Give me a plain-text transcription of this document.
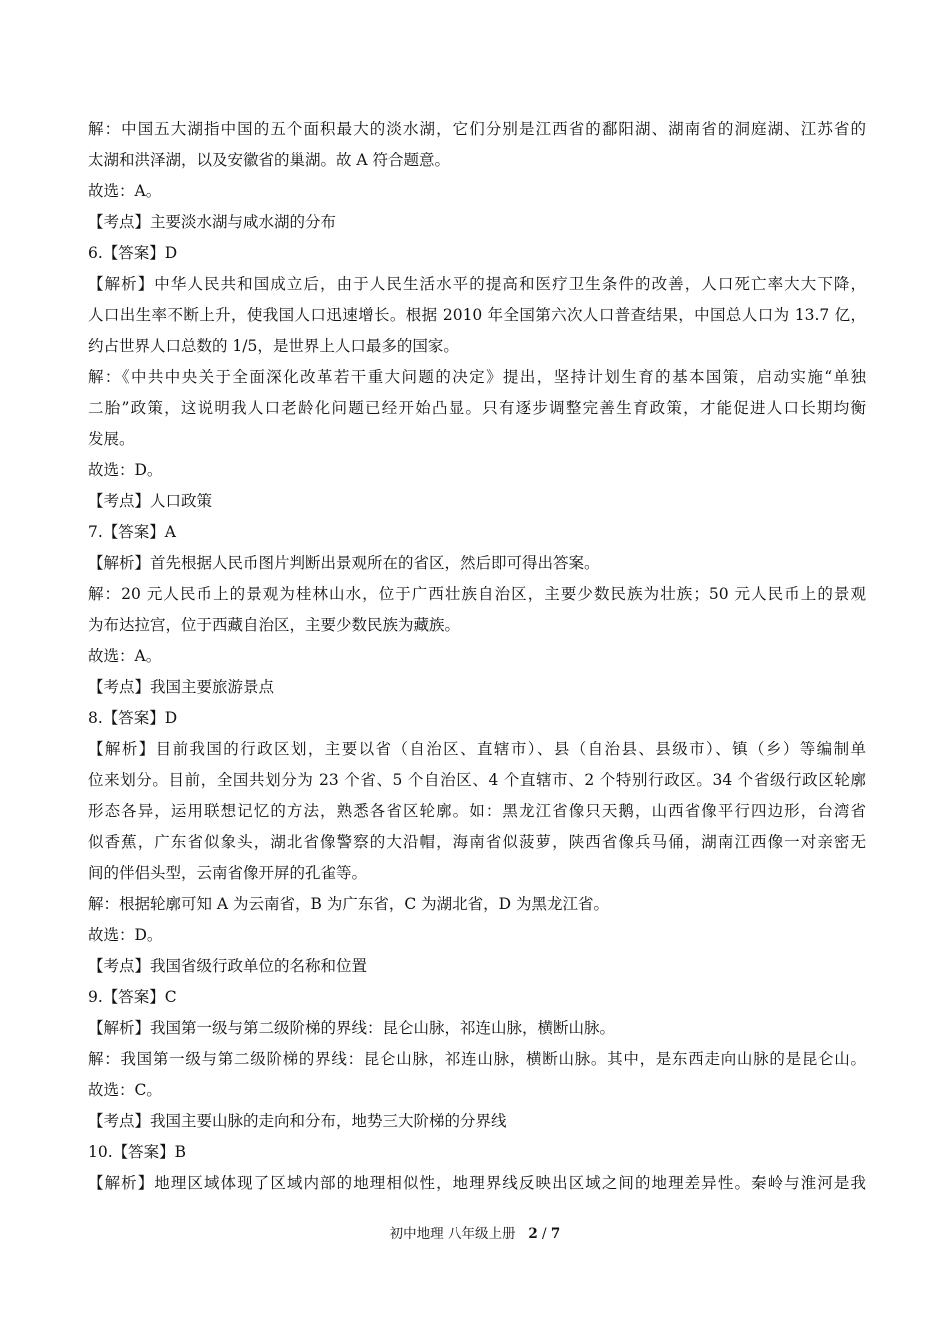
解：中国五大湖指中国的五个面积最大的淡水湖，它们分别是江西省的鄱阳湖、湖南省的洞庭湖、江苏省的
太湖和洪泽湖，以及安徽省的巢湖。故 A 符合题意。
故选：A。
【考点】主要淡水湖与咸水湖的分布
6.【答案】D
【解析】中华人民共和国成立后，由于人民生活水平的提高和医疗卫生条件的改善，人口死亡率大大下降，
人口出生率不断上升，使我国人口迅速增长。根据 2010 年全国第六次人口普查结果，中国总人口为 13.7 亿，
约占世界人口总数的 1/5，是世界上人口最多的国家。
解：《中共中央关于全面深化改革若干重大问题的决定》提出，坚持计划生育的基本国策，启动实施“单独
二胎”政策，这说明我人口老龄化问题已经开始凸显。只有逐步调整完善生育政策，才能促进人口长期均衡
发展。
故选：D。
【考点】人口政策
7.【答案】A
【解析】首先根据人民币图片判断出景观所在的省区，然后即可得出答案。
解：20 元人民币上的景观为桂林山水，位于广西壮族自治区，主要少数民族为壮族；50 元人民币上的景观
为布达拉宫，位于西藏自治区，主要少数民族为藏族。
故选：A。
【考点】我国主要旅游景点
8.【答案】D
【解析】目前我国的行政区划，主要以省（自治区、直辖市）、县（自治县、县级市）、镇（乡）等编制单
位来划分。目前，全国共划分为 23 个省、5 个自治区、4 个直辖市、2 个特别行政区。34 个省级行政区轮廓
形态各异，运用联想记忆的方法，熟悉各省区轮廓。如：黑龙江省像只天鹅，山西省像平行四边形，台湾省
似香蕉，广东省似象头，湖北省像警察的大沿帽，海南省似菠萝，陕西省像兵马俑，湖南江西像一对亲密无
间的伴侣头型，云南省像开屏的孔雀等。
解：根据轮廓可知 A 为云南省，B 为广东省，C 为湖北省，D 为黑龙江省。
故选：D。
【考点】我国省级行政单位的名称和位置
9.【答案】C
【解析】我国第一级与第二级阶梯的界线：昆仑山脉，祁连山脉，横断山脉。
解：我国第一级与第二级阶梯的界线：昆仑山脉，祁连山脉，横断山脉。其中，是东西走向山脉的是昆仑山。
故选：C。
【考点】我国主要山脉的走向和分布，地势三大阶梯的分界线
10.【答案】B
【解析】地理区域体现了区域内部的地理相似性，地理界线反映出区域之间的地理差异性。秦岭与淮河是我
初中地理 八年级上册 2 / 7
